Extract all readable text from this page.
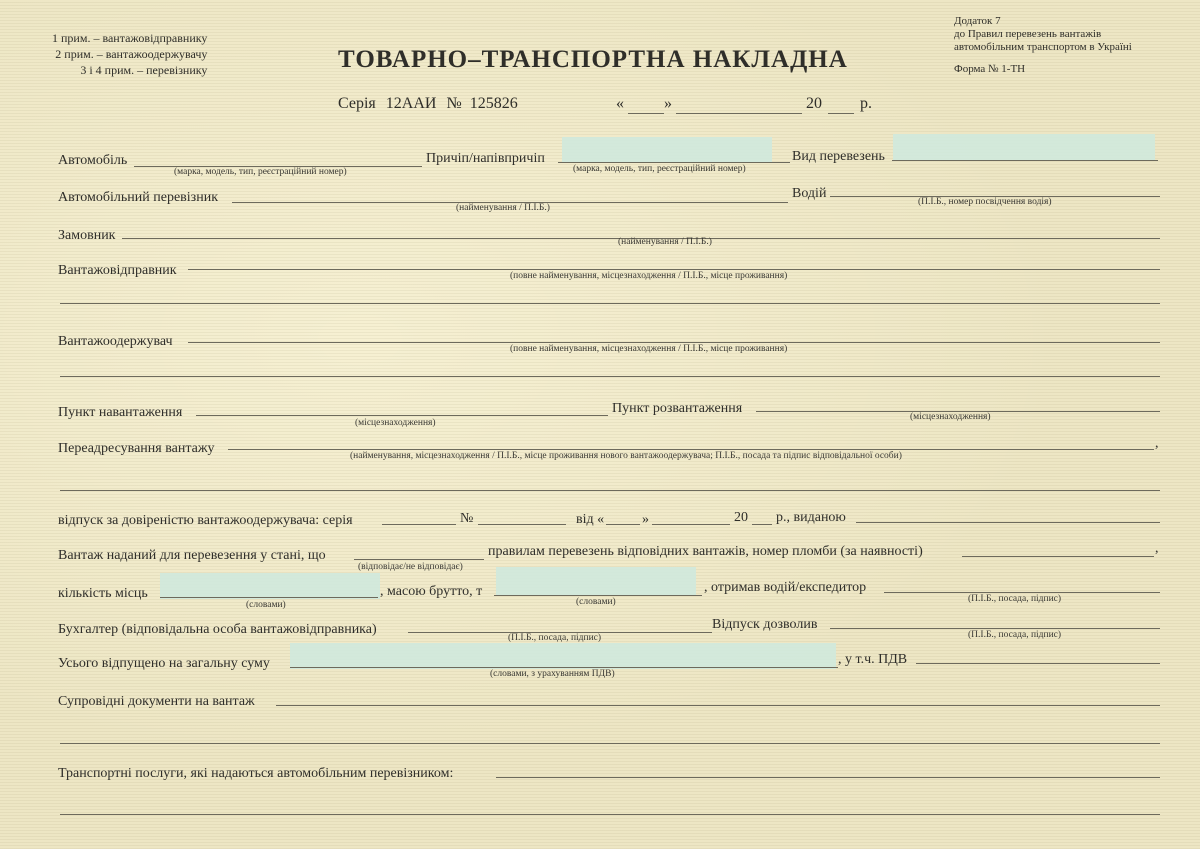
1 прим. – вантажовідправнику
2 прим. – вантажоодержувачу
3 і 4 прим. – перевізнику	ТОВАРНО–ТРАНСПОРТНА НАКЛАДНА
Додаток 7
до Правил перевезень вантажів
автомобільним транспортом в Україні
Форма № 1-ТН
Серія 12ААИ № 125826	«	»	20 р.
Автомобіль
(марка, модель, тип, реєстраційний номер)
Причіп/напівпричіп
(марка, модель, тип, реєстраційний номер)
Вид перевезень
Автомобільний перевізник
(найменування / П.І.Б.)
Водій
(П.І.Б., номер посвідчення водія)
Замовник	(найменування / П.І.Б.)
Вантажовідправник	(повне найменування, місцезнаходження / П.І.Б., місце проживання)
Вантажоодержувач	(повне найменування, місцезнаходження / П.І.Б., місце проживання)
Пункт навантаження
(місцезнаходження)
Пункт розвантаження
(місцезнаходження)
Переадресування вантажу	,
(найменування, місцезнаходження / П.І.Б., місце проживання нового вантажоодержувача; П.І.Б., посада та підпис відповідальної особи)
відпуск за довіреністю вантажоодержувача: серія	№	від «	»	20 р., виданою
Вантаж наданий для перевезення у стані, що
(відповідає/не відповідає)
правилам перевезень відповідних вантажів, номер пломби (за наявності)	,
кількість місць
(словами)
, масою брутто, т
(словами)
, отримав водій/експедитор
(П.І.Б., посада, підпис)
Бухгалтер (відповідальна особа вантажовідправника)
(П.І.Б., посада, підпис)
Відпуск дозволив
(П.І.Б., посада, підпис)
Усього відпущено на загальну суму
(словами, з урахуванням ПДВ)
, у т.ч. ПДВ
Супровідні документи на вантаж
Транспортні послуги, які надаються автомобільним перевізником:
